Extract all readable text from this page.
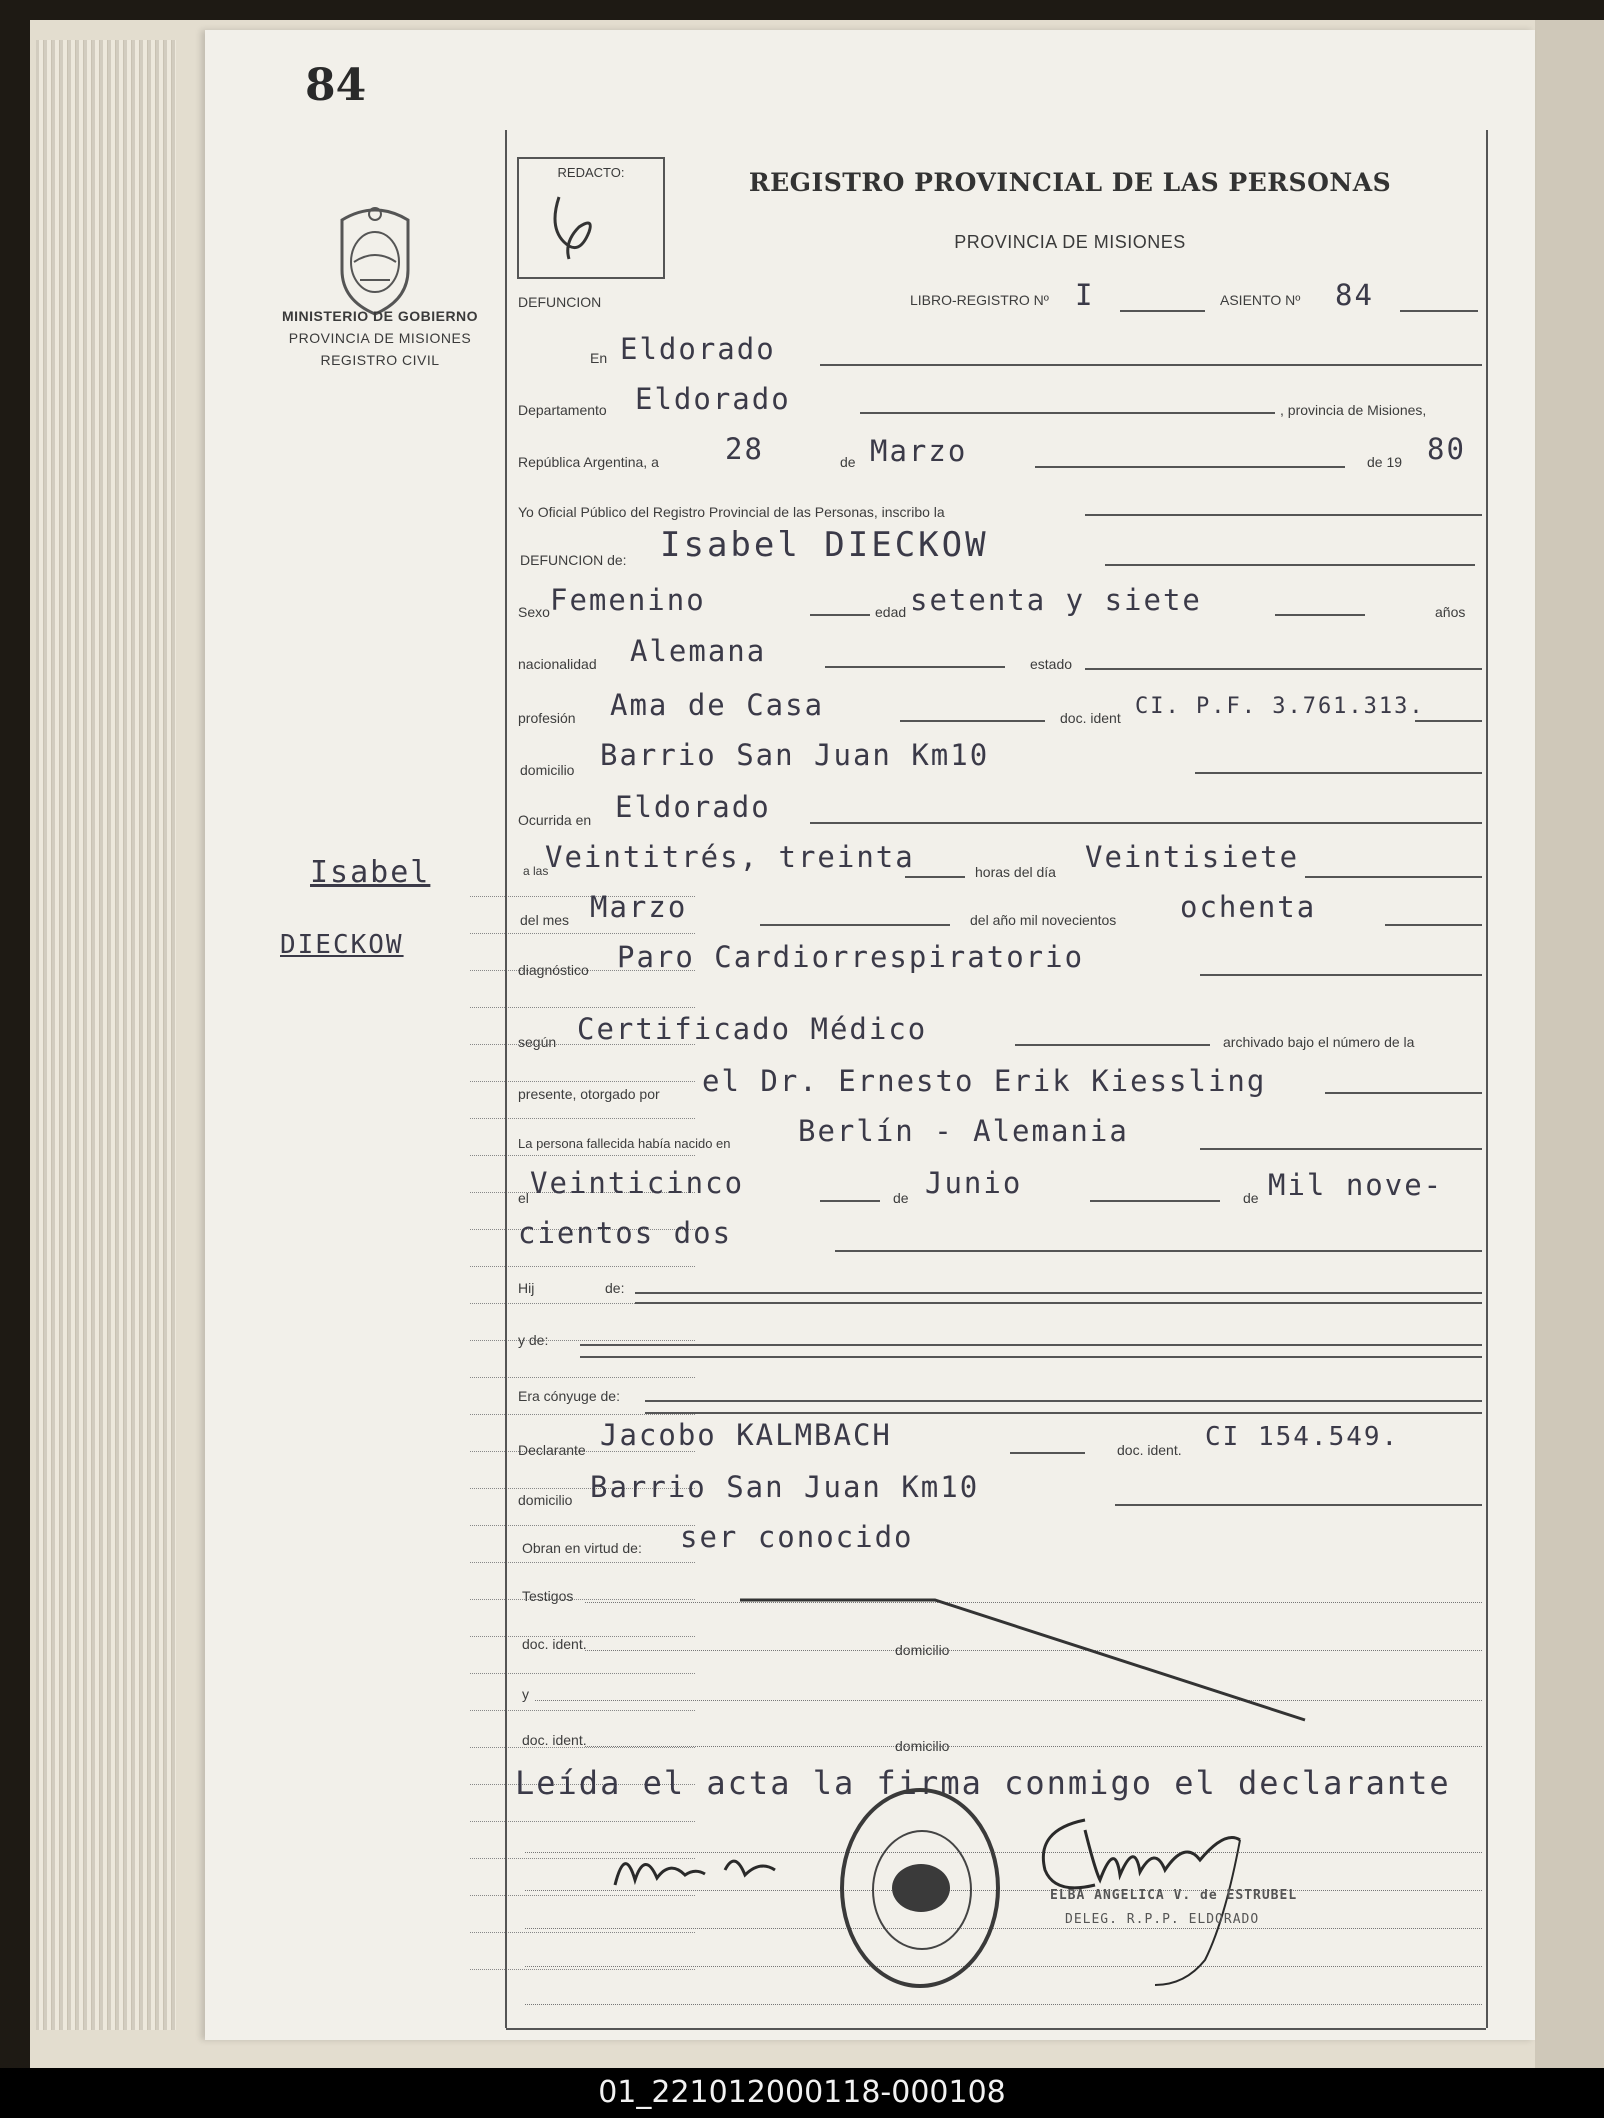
84
MINISTERIO DE GOBIERNO
PROVINCIA DE MISIONES
REGISTRO CIVIL
Isabel
DIECKOW
REDACTO:	REGISTRO PROVINCIAL DE LAS PERSONAS
PROVINCIA DE MISIONES
DEFUNCION	LIBRO-REGISTRO Nº I	ASIENTO Nº 84
En Eldorado
Departamento Eldorado	, provincia de Misiones,
República Argentina, a 28	de Marzo	de 19 80
Yo Oficial Público del Registro Provincial de las Personas, inscribo la
DEFUNCION de: Isabel DIECKOW
Sexo Femenino	edad setenta y siete	años
nacionalidad Alemana	estado
profesión Ama de Casa	doc. ident CI. P.F. 3.761.313.
domicilio Barrio San Juan Km10
Ocurrida en Eldorado
a las
Veintitrés, treinta	horas del día Veintisiete
del mes Marzo	del año mil novecientos ochenta
diagnóstico Paro Cardiorrespiratorio
según Certificado Médico	archivado bajo el número de la
presente, otorgado por el Dr. Ernesto Erik Kiessling
La persona fallecida había nacido en Berlín - Alemania
el Veinticinco	de Junio	de Mil nove-
cientos dos
Hij	de:
y de:
Era cónyuge de:
Declarante Jacobo KALMBACH	doc. ident. CI 154.549.
domicilio Barrio San Juan Km10
Obran en virtud de: ser conocido
Testigos
doc. ident.	domicilio
y
doc. ident.	domicilio
Leída el acta la firma conmigo el declarante
ELBA ANGELICA V. de ESTRUBEL
DELEG. R.P.P. ELDORADO
01_221012000118-000108
